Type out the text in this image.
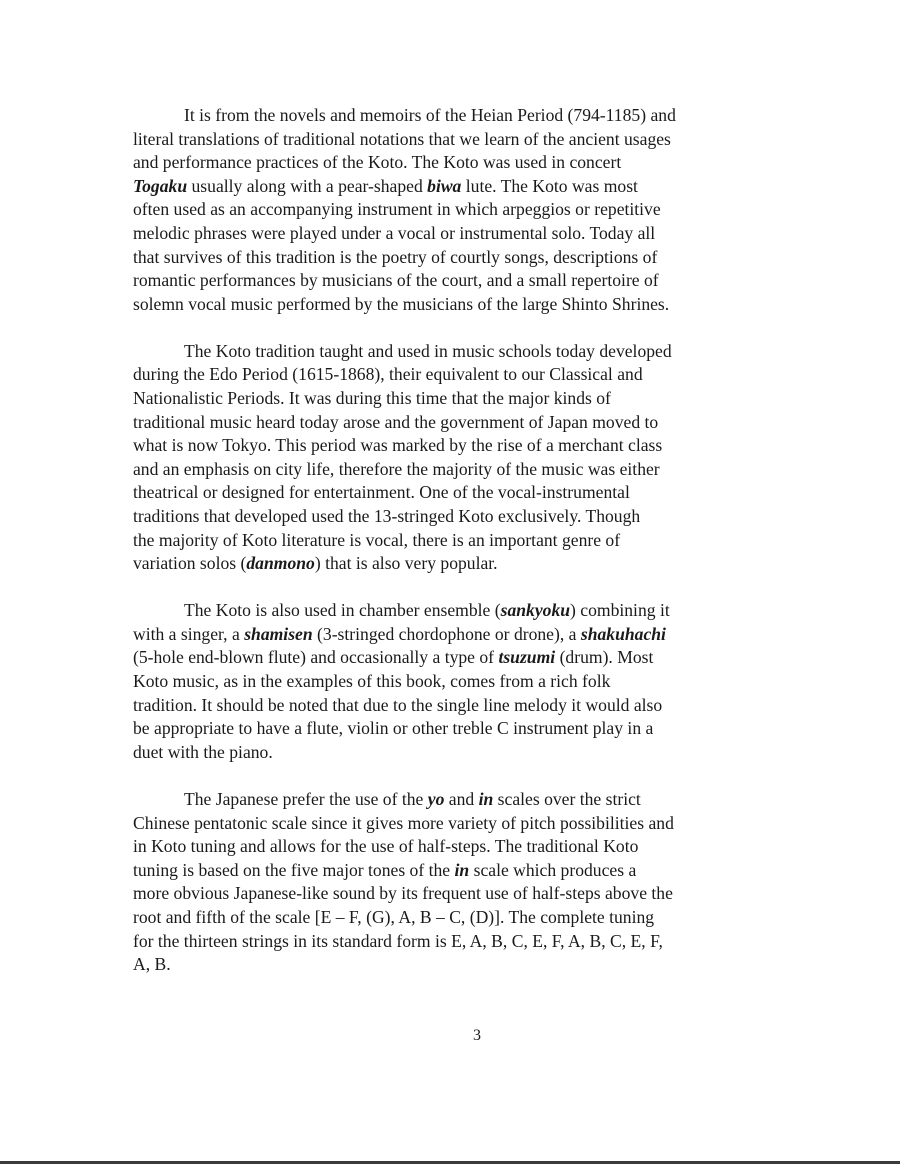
It is from the novels and memoirs of the Heian Period (794-1185) and
literal translations of traditional notations that we learn of the ancient usages
and performance practices of the Koto. The Koto was used in concert
Togaku usually along with a pear-shaped biwa lute. The Koto was most
often used as an accompanying instrument in which arpeggios or repetitive
melodic phrases were played under a vocal or instrumental solo. Today all
that survives of this tradition is the poetry of courtly songs, descriptions of
romantic performances by musicians of the court, and a small repertoire of
solemn vocal music performed by the musicians of the large Shinto Shrines.

The Koto tradition taught and used in music schools today developed
during the Edo Period (1615-1868), their equivalent to our Classical and
Nationalistic Periods. It was during this time that the major kinds of
traditional music heard today arose and the government of Japan moved to
what is now Tokyo. This period was marked by the rise of a merchant class
and an emphasis on city life, therefore the majority of the music was either
theatrical or designed for entertainment. One of the vocal-instrumental
traditions that developed used the 13-stringed Koto exclusively. Though
the majority of Koto literature is vocal, there is an important genre of
variation solos (danmono) that is also very popular.

The Koto is also used in chamber ensemble (sankyoku) combining it
with a singer, a shamisen (3-stringed chordophone or drone), a shakuhachi
(5-hole end-blown flute) and occasionally a type of tsuzumi (drum). Most
Koto music, as in the examples of this book, comes from a rich folk
tradition. It should be noted that due to the single line melody it would also
be appropriate to have a flute, violin or other treble C instrument play in a
duet with the piano.

The Japanese prefer the use of the yo and in scales over the strict
Chinese pentatonic scale since it gives more variety of pitch possibilities and
in Koto tuning and allows for the use of half-steps. The traditional Koto
tuning is based on the five major tones of the in scale which produces a
more obvious Japanese-like sound by its frequent use of half-steps above the
root and fifth of the scale [E – F, (G), A, B – C, (D)]. The complete tuning
for the thirteen strings in its standard form is E, A, B, C, E, F, A, B, C, E, F,
A, B.

3
